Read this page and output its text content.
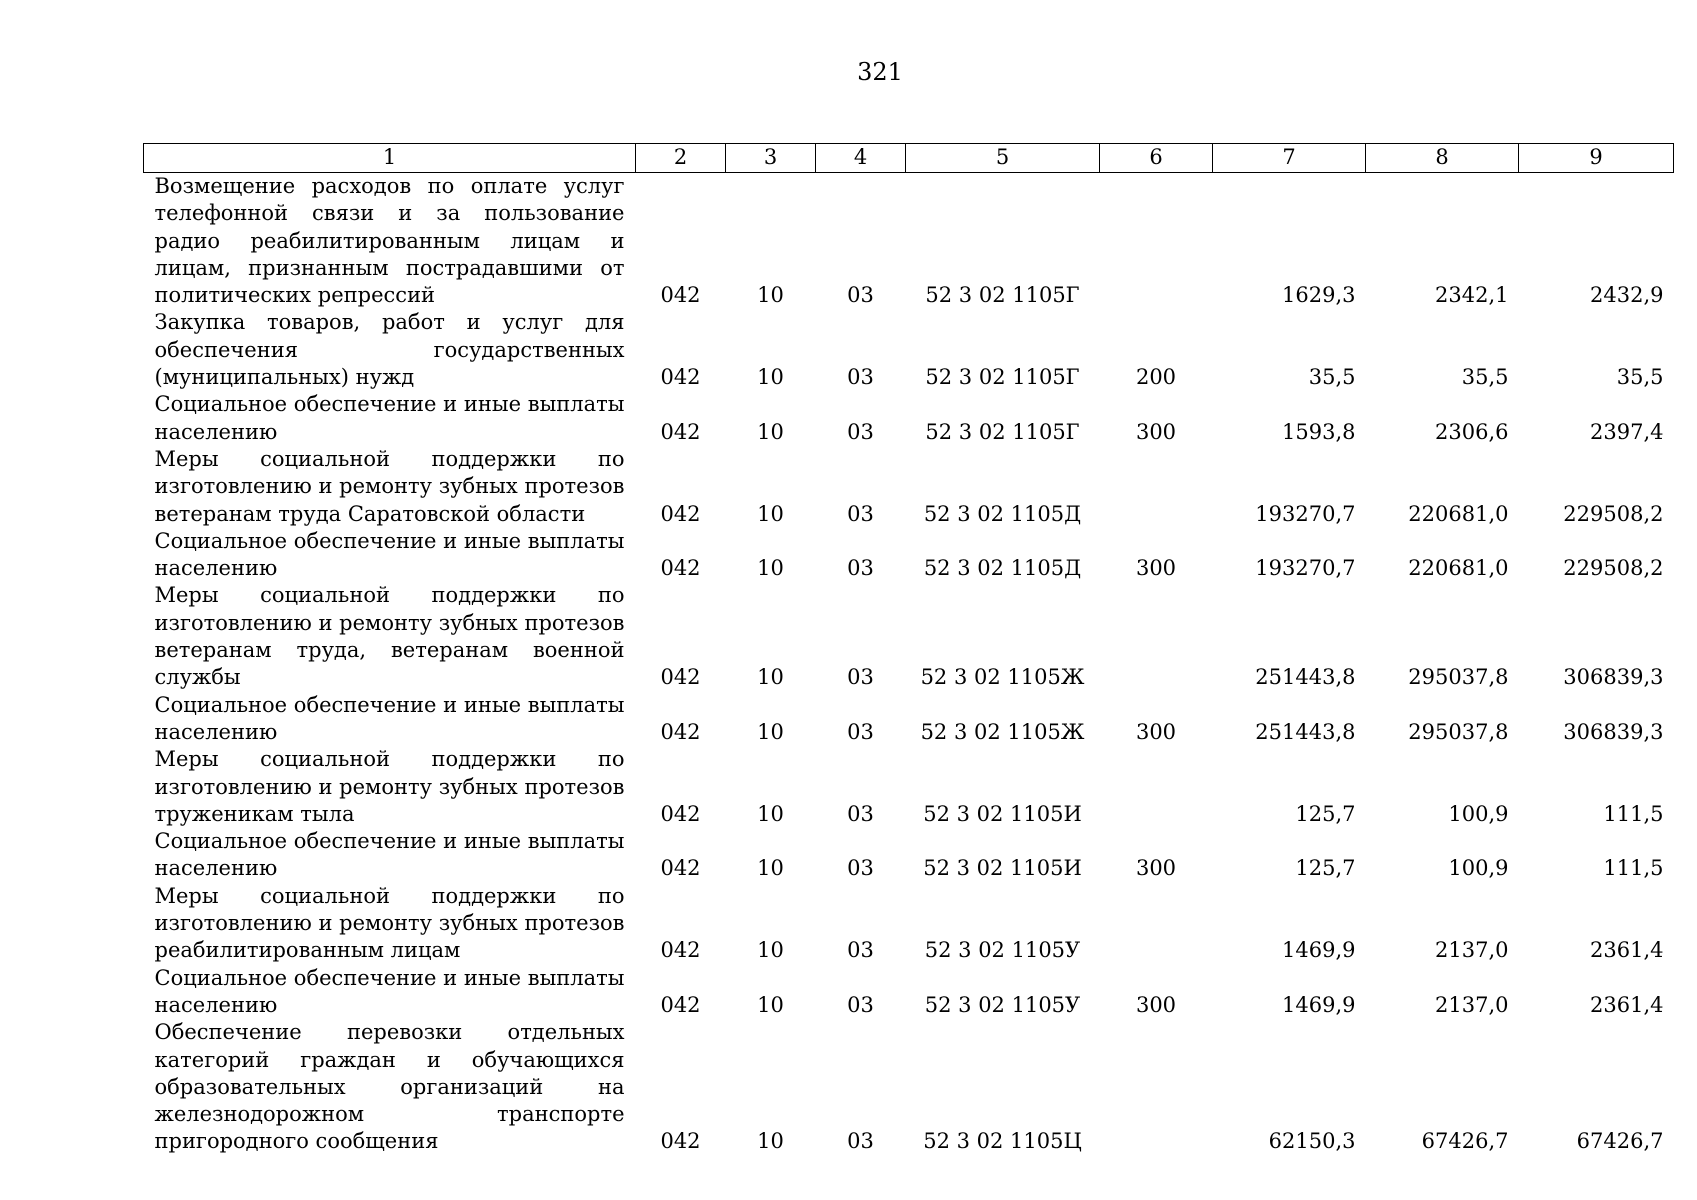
321
1	2	3	4	5	6	7	8	9
Возмещение расходов по оплате услуг телефонной связи и за пользование радио реабилитированным лицам и лицам, признанным пострадавшими от политических репрессий	042	10	03	52 3 02 1105Г		1629,3	2342,1	2432,9
Закупка товаров, работ и услуг для обеспечения государственных (муниципальных) нужд	042	10	03	52 3 02 1105Г	200	35,5	35,5	35,5
Социальное обеспечение и иные выплаты населению	042	10	03	52 3 02 1105Г	300	1593,8	2306,6	2397,4
Меры социальной поддержки по изготовлению и ремонту зубных протезов ветеранам труда Саратовской области	042	10	03	52 3 02 1105Д		193270,7	220681,0	229508,2
Социальное обеспечение и иные выплаты населению	042	10	03	52 3 02 1105Д	300	193270,7	220681,0	229508,2
Меры социальной поддержки по изготовлению и ремонту зубных протезов ветеранам труда, ветеранам военной службы	042	10	03	52 3 02 1105Ж		251443,8	295037,8	306839,3
Социальное обеспечение и иные выплаты населению	042	10	03	52 3 02 1105Ж	300	251443,8	295037,8	306839,3
Меры социальной поддержки по изготовлению и ремонту зубных протезов труженикам тыла	042	10	03	52 3 02 1105И		125,7	100,9	111,5
Социальное обеспечение и иные выплаты населению	042	10	03	52 3 02 1105И	300	125,7	100,9	111,5
Меры социальной поддержки по изготовлению и ремонту зубных протезов реабилитированным лицам	042	10	03	52 3 02 1105У		1469,9	2137,0	2361,4
Социальное обеспечение и иные выплаты населению	042	10	03	52 3 02 1105У	300	1469,9	2137,0	2361,4
Обеспечение перевозки отдельных категорий граждан и обучающихся образовательных организаций на железнодорожном транспорте пригородного сообщения	042	10	03	52 3 02 1105Ц		62150,3	67426,7	67426,7
